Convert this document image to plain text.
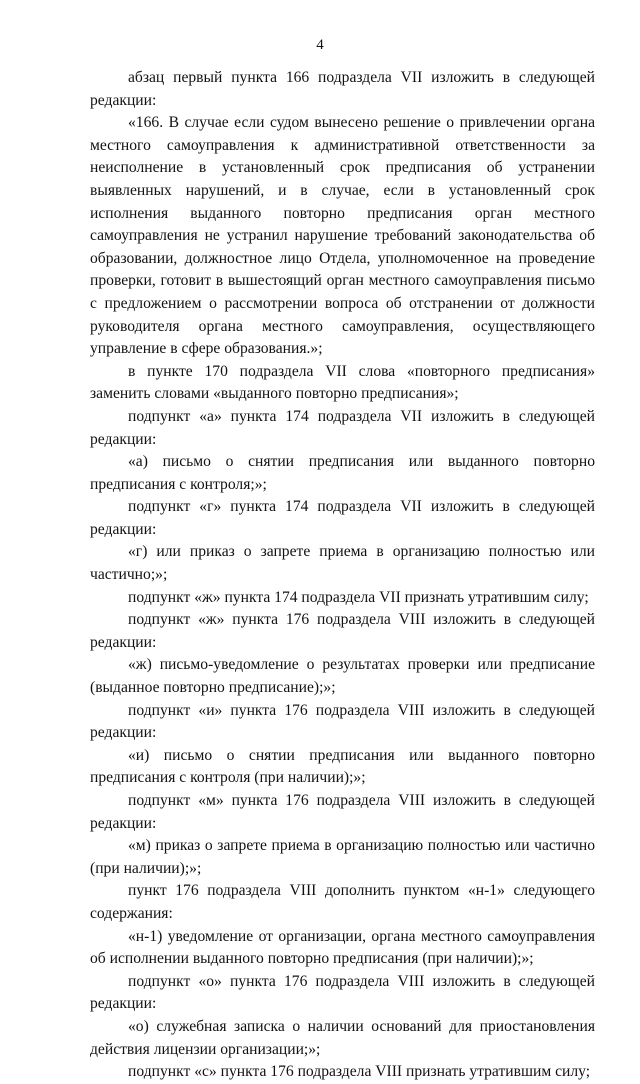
4

абзац первый пункта 166 подраздела VII изложить в следующей редакции:

«166. В случае если судом вынесено решение о привлечении органа местного самоуправления к административной ответственности за неисполнение в установленный срок предписания об устранении выявленных нарушений, и в случае, если в установленный срок исполнения выданного повторно предписания орган местного самоуправления не устранил нарушение требований законодательства об образовании, должностное лицо Отдела, уполномоченное на проведение проверки, готовит в вышестоящий орган местного самоуправления письмо с предложением о рассмотрении вопроса об отстранении от должности руководителя органа местного самоуправления, осуществляющего управление в сфере образования.»;

в пункте 170 подраздела VII слова «повторного предписания» заменить словами «выданного повторно предписания»;

подпункт «а» пункта 174 подраздела VII изложить в следующей редакции:

«а) письмо о снятии предписания или выданного повторно предписания с контроля;»;

подпункт «г» пункта 174 подраздела VII изложить в следующей редакции:

«г) или приказ о запрете приема в организацию полностью или частично;»;

подпункт «ж» пункта 174 подраздела VII признать утратившим силу;

подпункт «ж» пункта 176 подраздела VIII изложить в следующей редакции:

«ж) письмо-уведомление о результатах проверки или предписание (выданное повторно предписание);»;

подпункт «и» пункта 176 подраздела VIII изложить в следующей редакции:

«и) письмо о снятии предписания или выданного повторно предписания с контроля (при наличии);»;

подпункт «м» пункта 176 подраздела VIII изложить в следующей редакции:

«м) приказ о запрете приема в организацию полностью или частично (при наличии);»;

пункт 176 подраздела VIII дополнить пунктом «н-1» следующего содержания:

«н-1) уведомление от организации, органа местного самоуправления об исполнении выданного повторно предписания (при наличии);»;

подпункт «о» пункта 176 подраздела VIII изложить в следующей редакции:

«о) служебная записка о наличии оснований для приостановления действия лицензии организации;»;

подпункт «с» пункта 176 подраздела VIII признать утратившим силу;
